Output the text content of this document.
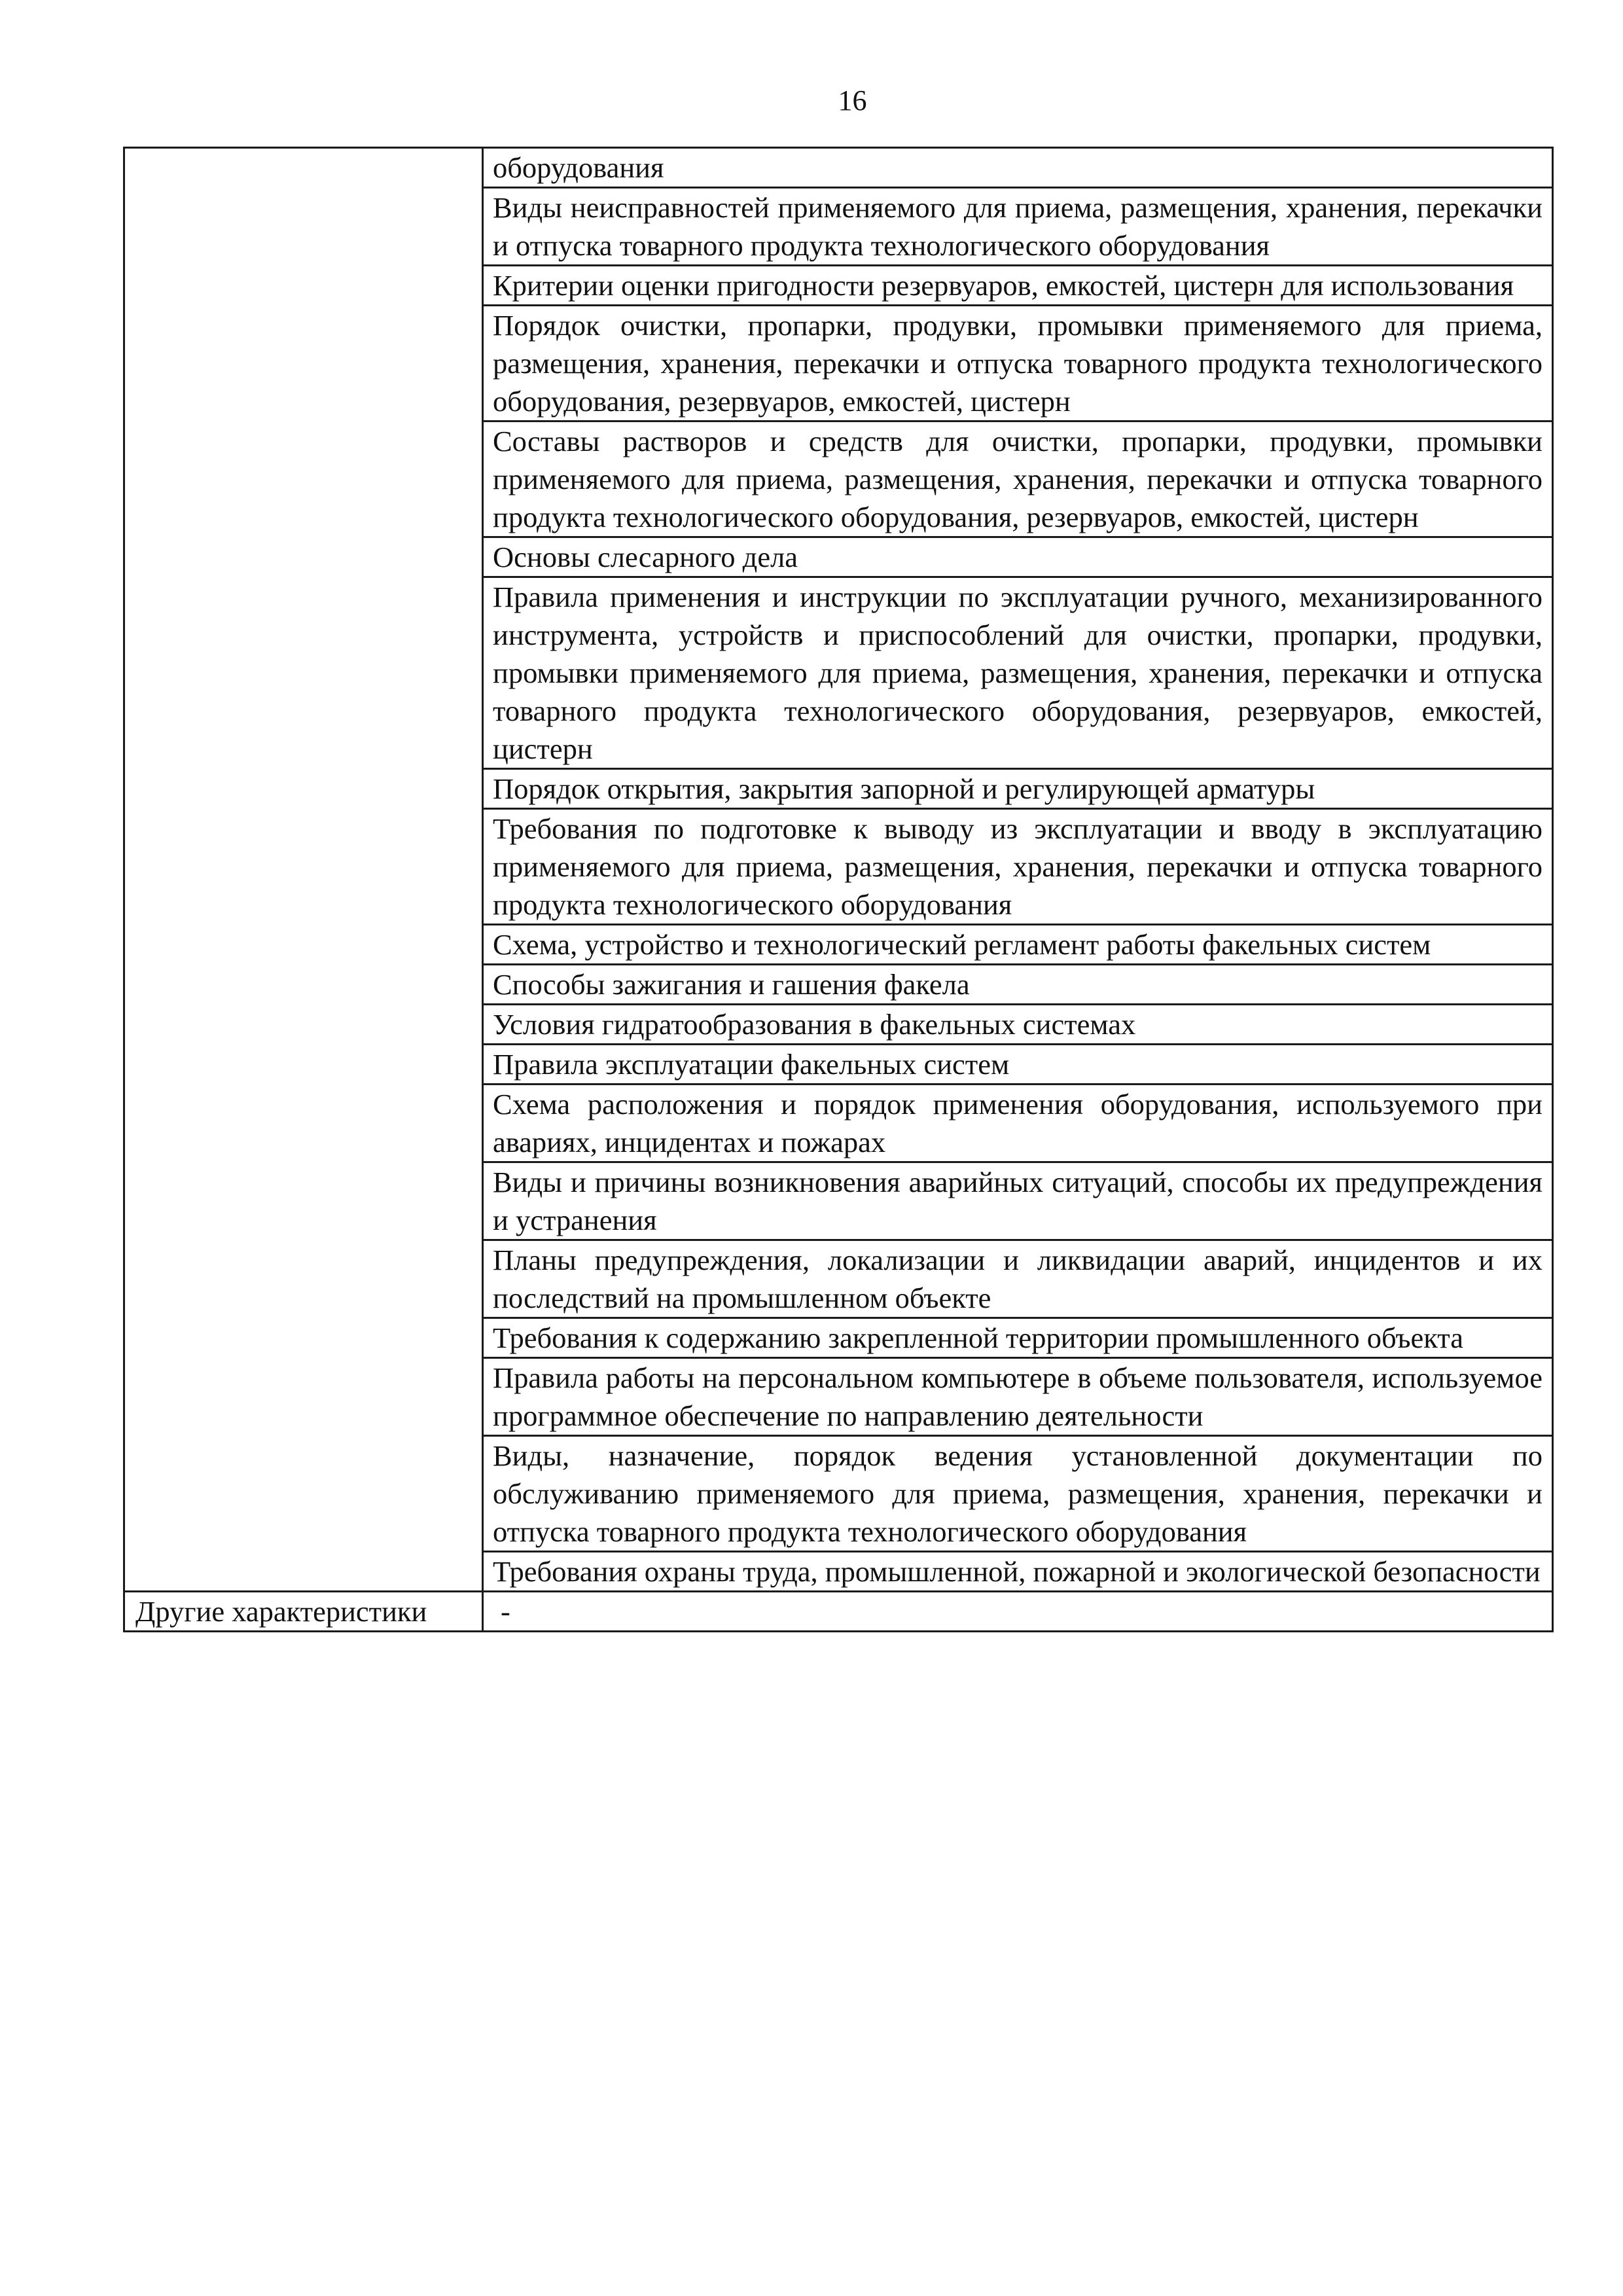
16
	оборудования
	Виды неисправностей применяемого для приема, размещения, хранения, перекачки и отпуска товарного продукта технологического оборудования
	Критерии оценки пригодности резервуаров, емкостей, цистерн для использования
	Порядок очистки, пропарки, продувки, промывки применяемого для приема, размещения, хранения, перекачки и отпуска товарного продукта технологического оборудования, резервуаров, емкостей, цистерн
	Составы растворов и средств для очистки, пропарки, продувки, промывки применяемого для приема, размещения, хранения, перекачки и отпуска товарного продукта технологического оборудования, резервуаров, емкостей, цистерн
	Основы слесарного дела
	Правила применения и инструкции по эксплуатации ручного, механизированного инструмента, устройств и приспособлений для очистки, пропарки, продувки, промывки применяемого для приема, размещения, хранения, перекачки и отпуска товарного продукта технологического оборудования, резервуаров, емкостей, цистерн
	Порядок открытия, закрытия запорной и регулирующей арматуры
	Требования по подготовке к выводу из эксплуатации и вводу в эксплуатацию применяемого для приема, размещения, хранения, перекачки и отпуска товарного продукта технологического оборудования
	Схема, устройство и технологический регламент работы факельных систем
	Способы зажигания и гашения факела
	Условия гидратообразования в факельных системах
	Правила эксплуатации факельных систем
	Схема расположения и порядок применения оборудования, используемого при авариях, инцидентах и пожарах
	Виды и причины возникновения аварийных ситуаций, способы их предупреждения и устранения
	Планы предупреждения, локализации и ликвидации аварий, инцидентов и их последствий на промышленном объекте
	Требования к содержанию закрепленной территории промышленного объекта
	Правила работы на персональном компьютере в объеме пользователя, используемое программное обеспечение по направлению деятельности
	Виды, назначение, порядок ведения установленной документации по обслуживанию применяемого для приема, размещения, хранения, перекачки и отпуска товарного продукта технологического оборудования
	Требования охраны труда, промышленной, пожарной и экологической безопасности
Другие характеристики	-
